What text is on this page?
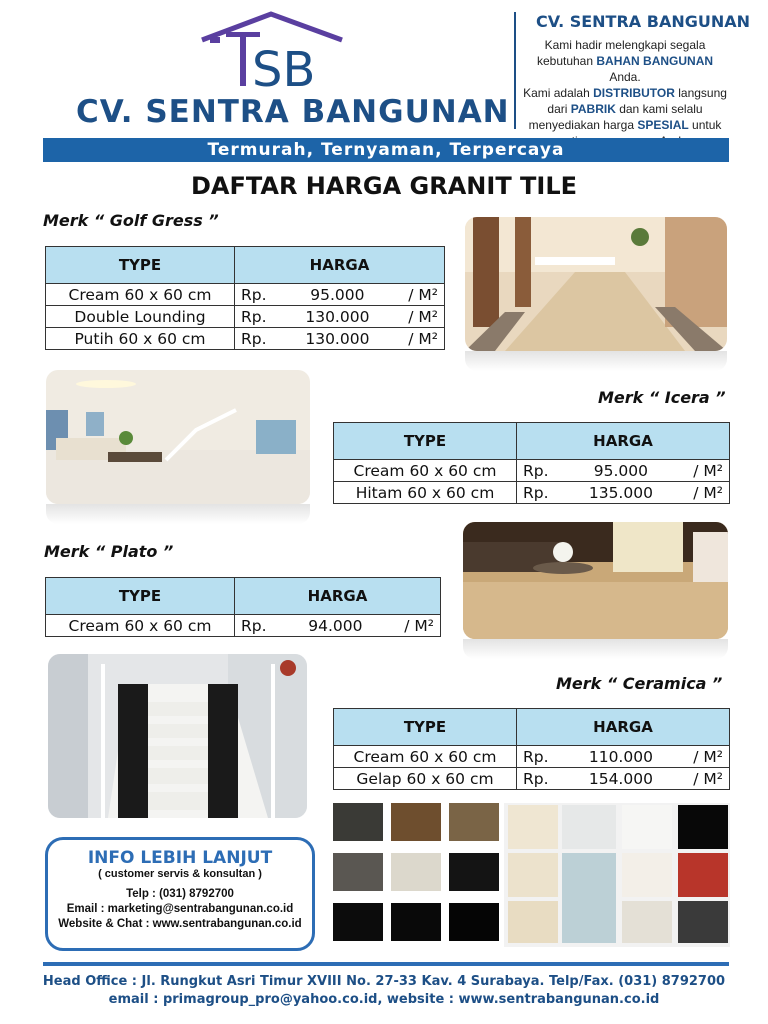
SB
CV. SENTRA BANGUNAN
CV. SENTRA BANGUNAN
Kami hadir melengkapi segala
kebutuhan BAHAN BANGUNAN Anda.
Kami adalah DISTRIBUTOR langsung
dari PABRIK dan kami selalu
menyediakan harga SPESIAL untuk
Termurah, Ternyaman, Terpercaya
DAFTAR HARGA GRANIT TILE
Merk “ Golf Gress ”
TYPE	HARGA
Cream 60 x 60 cm	Rp. 95.000 / M²

Double Lounding	Rp. 130.000 / M²

Putih 60 x 60 cm	Rp. 130.000 / M²
Merk “ Icera ”
TYPE	HARGA
Cream 60 x 60 cm	Rp. 95.000 / M²

Hitam 60 x 60 cm	Rp. 135.000 / M²
Merk “ Plato ”
TYPE	HARGA
Cream 60 x 60 cm	Rp. 94.000 / M²
Merk “ Ceramica ”
TYPE	HARGA
Cream 60 x 60 cm	Rp. 110.000 / M²

Gelap 60 x 60 cm	Rp. 154.000 / M²
INFO LEBIH LANJUT
( customer servis & konsultan )
Telp : (031) 8792700
Email : marketing@sentrabangunan.co.id
Website & Chat : www.sentrabangunan.co.id
Head Office : Jl. Rungkut Asri Timur XVIII No. 27-33 Kav. 4 Surabaya. Telp/Fax. (031) 8792700
email : primagroup_pro@yahoo.co.id, website : www.sentrabangunan.co.id
